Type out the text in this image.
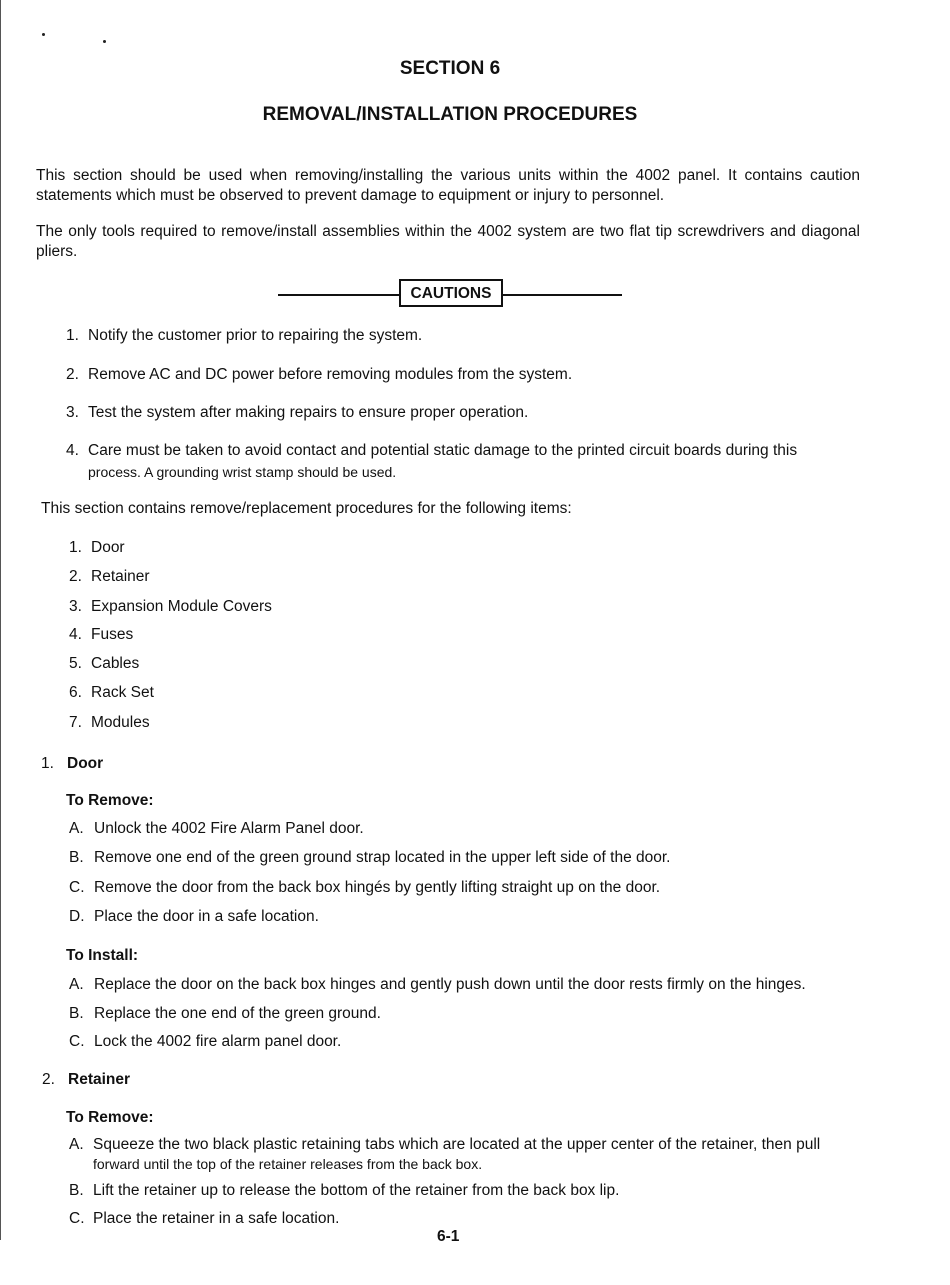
SECTION 6
REMOVAL/INSTALLATION PROCEDURES
This section should be used when removing/installing the various units within the 4002 panel. It contains caution statements which must be observed to prevent damage to equipment or injury to personnel.
The only tools required to remove/install assemblies within the 4002 system are two flat tip screwdrivers and diagonal pliers.
CAUTIONS
1. Notify the customer prior to repairing the system.
2. Remove AC and DC power before removing modules from the system.
3. Test the system after making repairs to ensure proper operation.
4. Care must be taken to avoid contact and potential static damage to the printed circuit boards during this
process. A grounding wrist stamp should be used.
This section contains remove/replacement procedures for the following items:
1. Door
2. Retainer
3. Expansion Module Covers
4. Fuses
5. Cables
6. Rack Set
7. Modules
1. Door
To Remove:
A. Unlock the 4002 Fire Alarm Panel door.
B. Remove one end of the green ground strap located in the upper left side of the door.
C. Remove the door from the back box hingés by gently lifting straight up on the door.
D. Place the door in a safe location.
To Install:
A. Replace the door on the back box hinges and gently push down until the door rests firmly on the hinges.
B. Replace the one end of the green ground.
C. Lock the 4002 fire alarm panel door.
2. Retainer
To Remove:
A. Squeeze the two black plastic retaining tabs which are located at the upper center of the retainer, then pull
forward until the top of the retainer releases from the back box.
B. Lift the retainer up to release the bottom of the retainer from the back box lip.
C. Place the retainer in a safe location.
6-1
